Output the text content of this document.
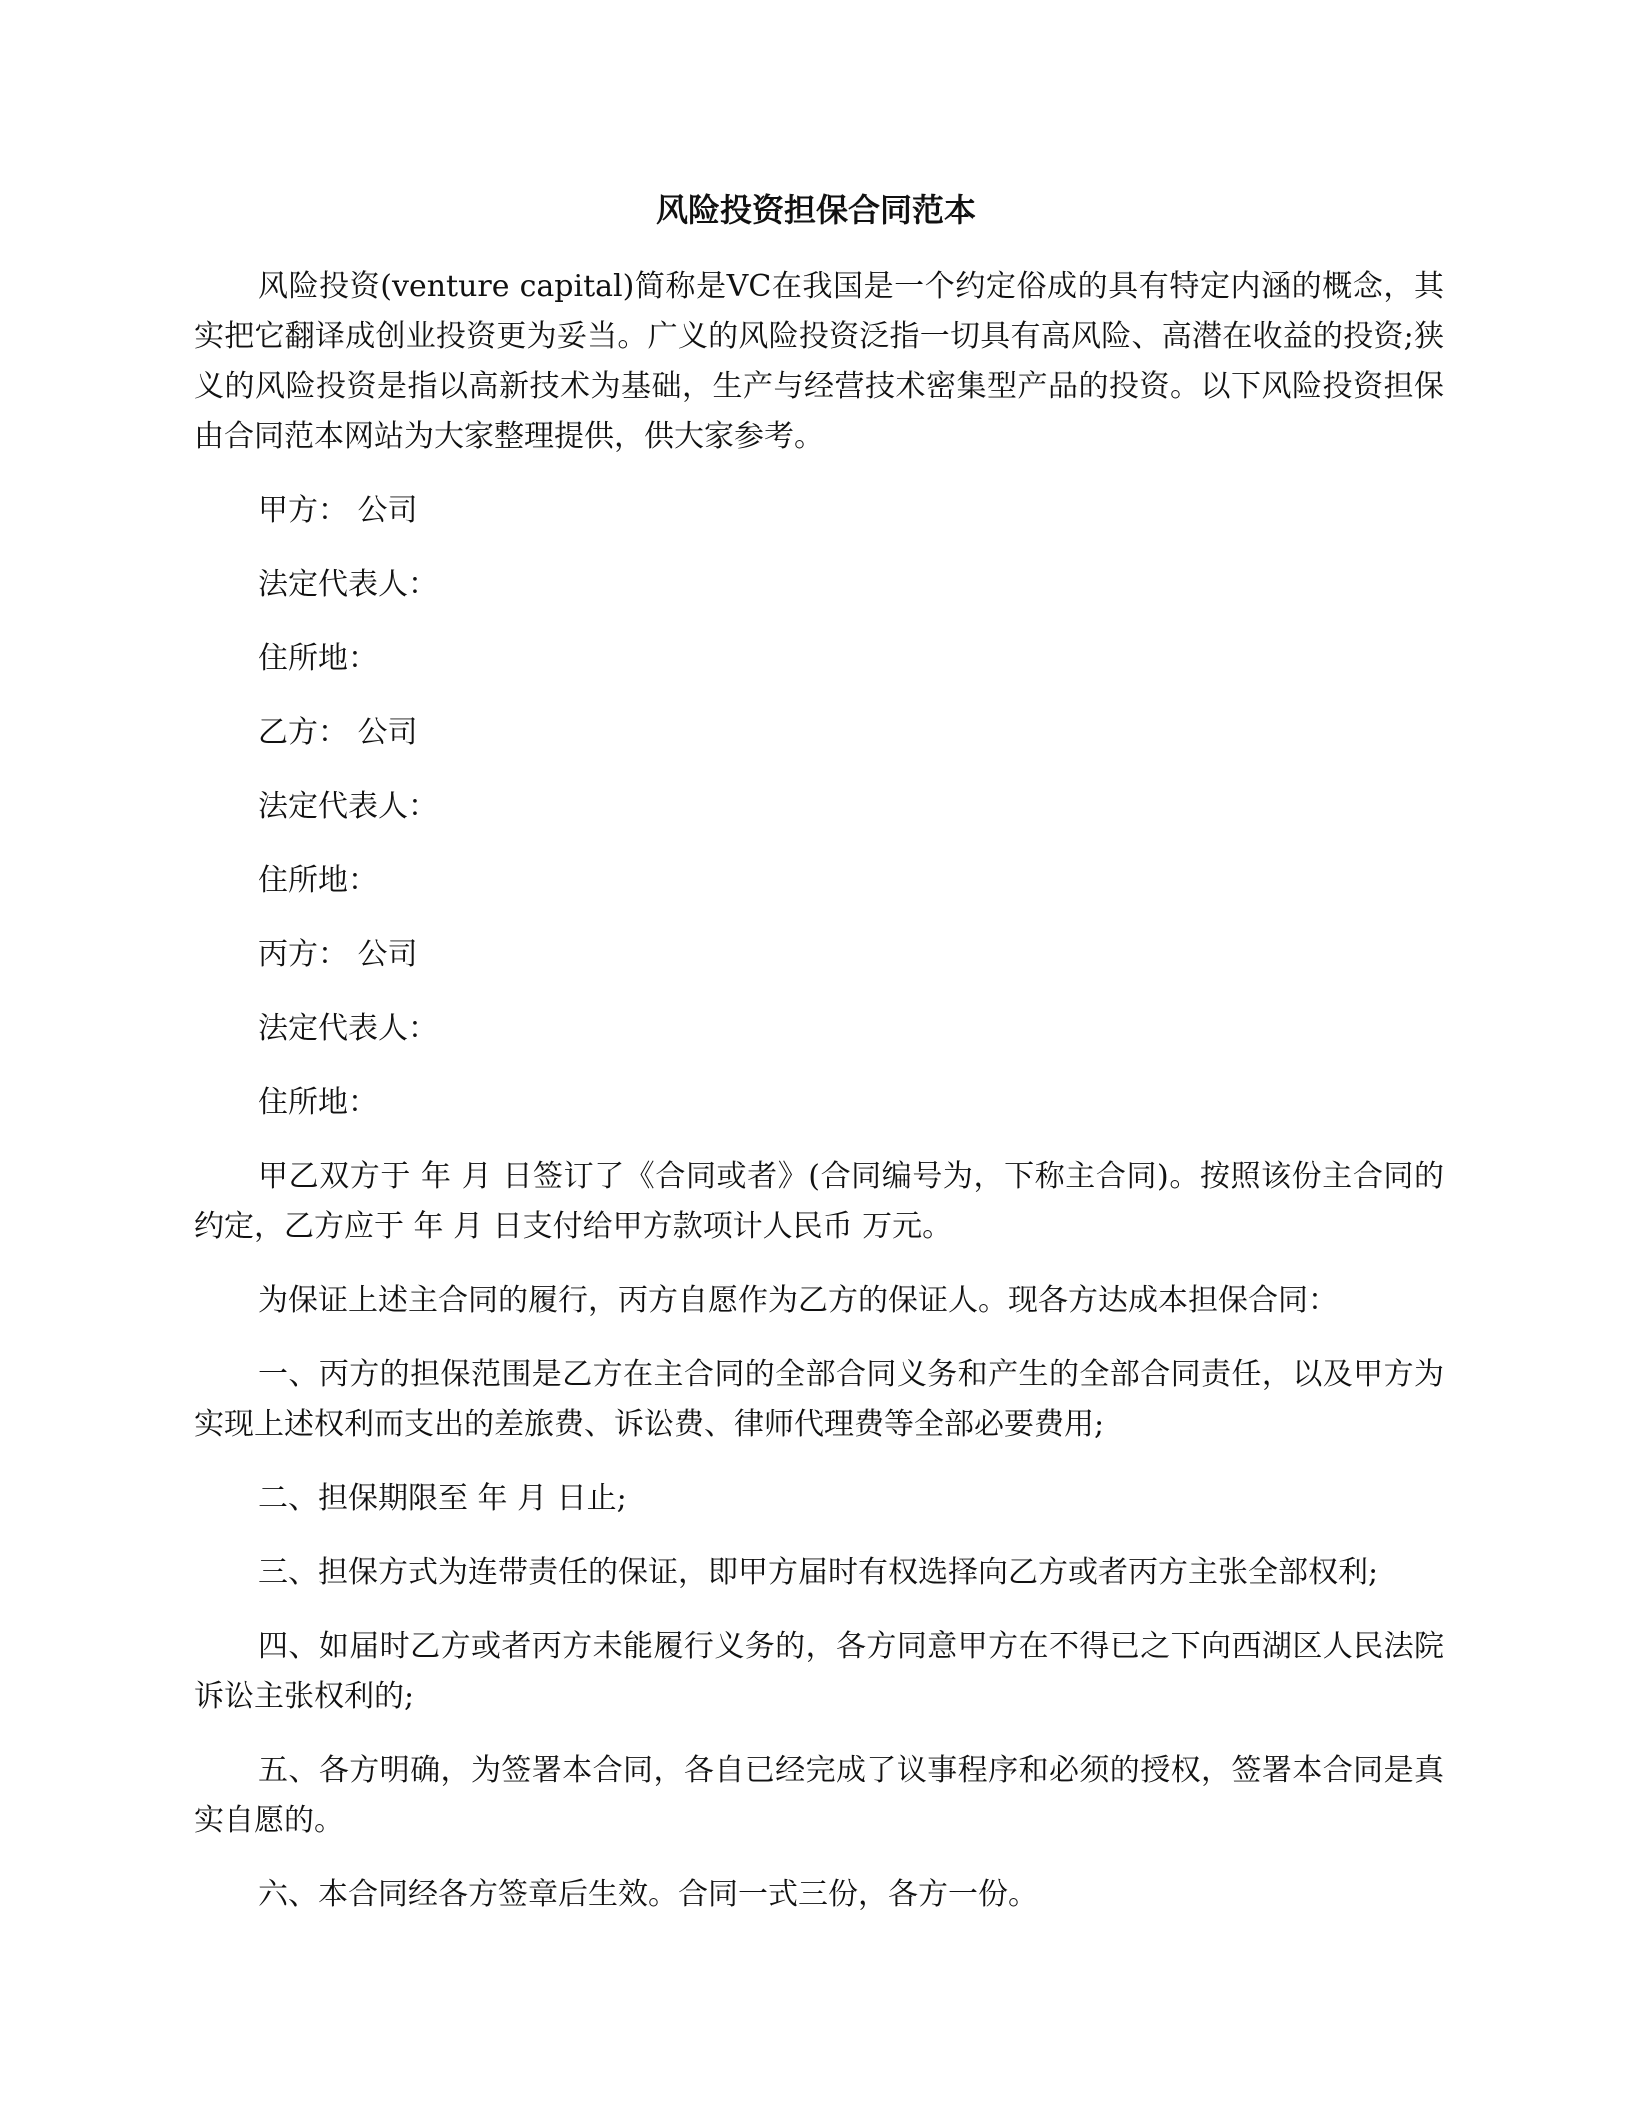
风险投资担保合同范本

风险投资(venture capital)简称是VC在我国是一个约定俗成的具有特定内涵的概念，其实把它翻译成创业投资更为妥当。广义的风险投资泛指一切具有高风险、高潜在收益的投资;狭义的风险投资是指以高新技术为基础，生产与经营技术密集型产品的投资。以下风险投资担保由合同范本网站为大家整理提供，供大家参考。

甲方： 公司

法定代表人：

住所地：

乙方： 公司

法定代表人：

住所地：

丙方： 公司

法定代表人：

住所地：

甲乙双方于 年 月 日签订了《合同或者》(合同编号为，下称主合同)。按照该份主合同的约定，乙方应于 年 月 日支付给甲方款项计人民币 万元。

为保证上述主合同的履行，丙方自愿作为乙方的保证人。现各方达成本担保合同：

一、丙方的担保范围是乙方在主合同的全部合同义务和产生的全部合同责任，以及甲方为实现上述权利而支出的差旅费、诉讼费、律师代理费等全部必要费用;

二、担保期限至 年 月 日止;

三、担保方式为连带责任的保证，即甲方届时有权选择向乙方或者丙方主张全部权利;

四、如届时乙方或者丙方未能履行义务的，各方同意甲方在不得已之下向西湖区人民法院诉讼主张权利的;

五、各方明确，为签署本合同，各自已经完成了议事程序和必须的授权，签署本合同是真实自愿的。

六、本合同经各方签章后生效。合同一式三份，各方一份。
